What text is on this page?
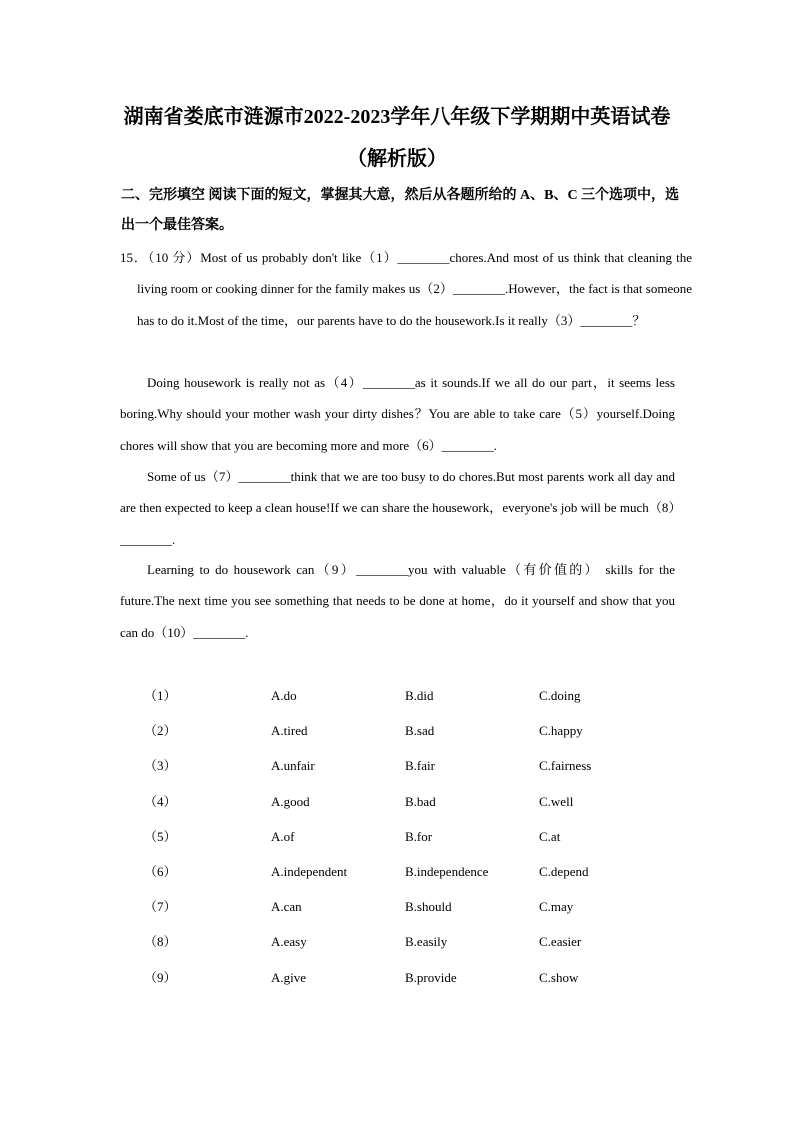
湖南省娄底市涟源市2022-2023学年八年级下学期期中英语试卷
（解析版）
二、完形填空 阅读下面的短文，掌握其大意，然后从各题所给的 A、B、C 三个选项中，选出一个最佳答案。
15．（10 分）Most of us probably don't like（1）________chores.And most of us think that cleaning the living room or cooking dinner for the family makes us（2）________.However，the fact is that someone has to do it.Most of the time，our parents have to do the housework.Is it really（3）________？
Doing housework is really not as（4）________as it sounds.If we all do our part，it seems less boring.Why should your mother wash your dirty dishes？You are able to take care（5）yourself.Doing chores will show that you are becoming more and more（6）________.
Some of us（7）________think that we are too busy to do chores.But most parents work all day and are then expected to keep a clean house!If we can share the housework，everyone's job will be much（8）________.
Learning to do housework can（9）________you with valuable（有价值的） skills for the future.The next time you see something that needs to be done at home，do it yourself and show that you can do（10）________.
（1）	A.do	B.did	C.doing
（2）	A.tired	B.sad	C.happy
（3）	A.unfair	B.fair	C.fairness
（4）	A.good	B.bad	C.well
（5）	A.of	B.for	C.at
（6）	A.independent	B.independence	C.depend
（7）	A.can	B.should	C.may
（8）	A.easy	B.easily	C.easier
（9）	A.give	B.provide	C.show
